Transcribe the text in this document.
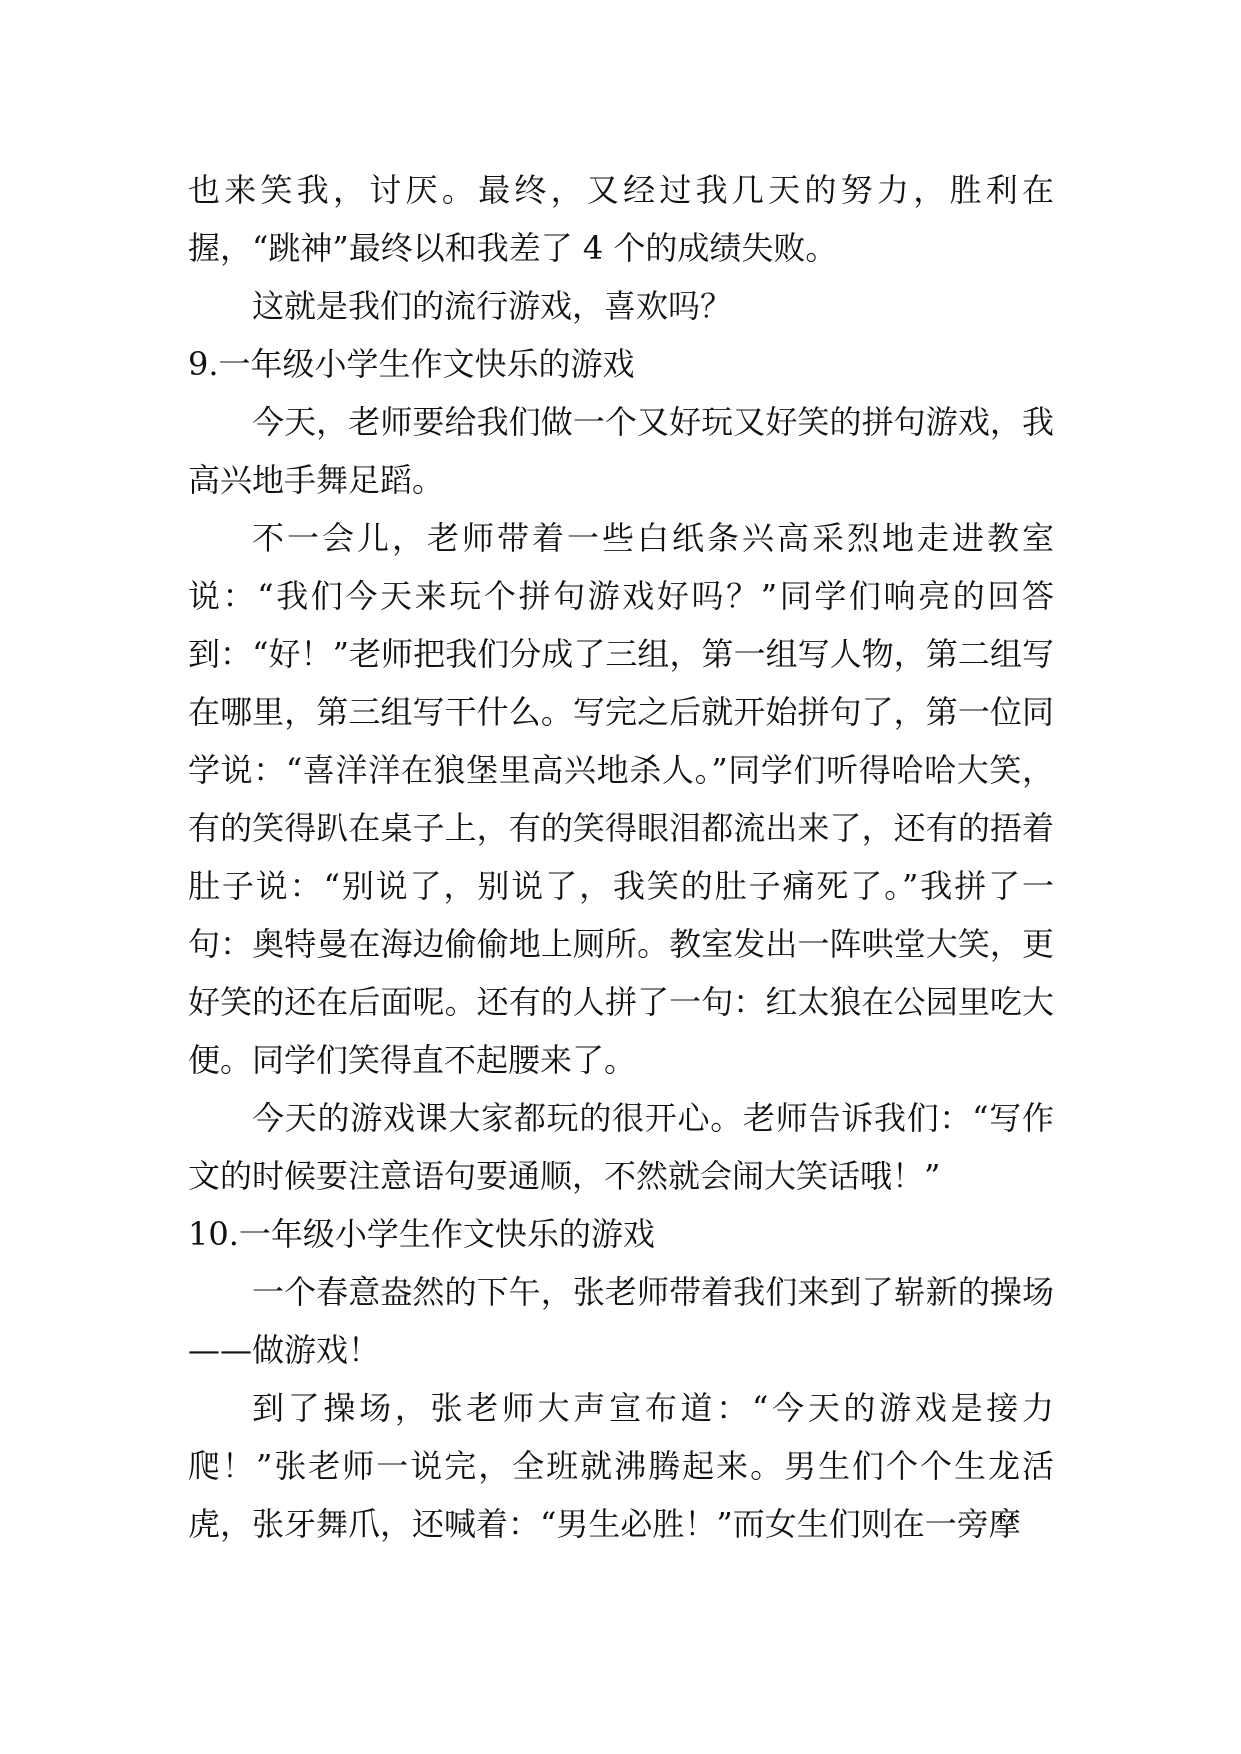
也来笑我，讨厌。最终，又经过我几天的努力，胜利在握，“跳神”最终以和我差了 4 个的成绩失败。

这就是我们的流行游戏，喜欢吗？

9.一年级小学生作文快乐的游戏

今天，老师要给我们做一个又好玩又好笑的拼句游戏，我高兴地手舞足蹈。

不一会儿，老师带着一些白纸条兴高采烈地走进教室说：“我们今天来玩个拼句游戏好吗？”同学们响亮的回答到：“好！”老师把我们分成了三组，第一组写人物，第二组写在哪里，第三组写干什么。写完之后就开始拼句了，第一位同学说：“喜洋洋在狼堡里高兴地杀人。”同学们听得哈哈大笑，有的笑得趴在桌子上，有的笑得眼泪都流出来了，还有的捂着肚子说：“别说了，别说了，我笑的肚子痛死了。”我拼了一句：奥特曼在海边偷偷地上厕所。教室发出一阵哄堂大笑，更好笑的还在后面呢。还有的人拼了一句：红太狼在公园里吃大便。同学们笑得直不起腰来了。

今天的游戏课大家都玩的很开心。老师告诉我们：“写作文的时候要注意语句要通顺，不然就会闹大笑话哦！”

10.一年级小学生作文快乐的游戏

一个春意盎然的下午，张老师带着我们来到了崭新的操场——做游戏！

到了操场，张老师大声宣布道：“今天的游戏是接力爬！”张老师一说完，全班就沸腾起来。男生们个个生龙活虎，张牙舞爪，还喊着：“男生必胜！”而女生们则在一旁摩
